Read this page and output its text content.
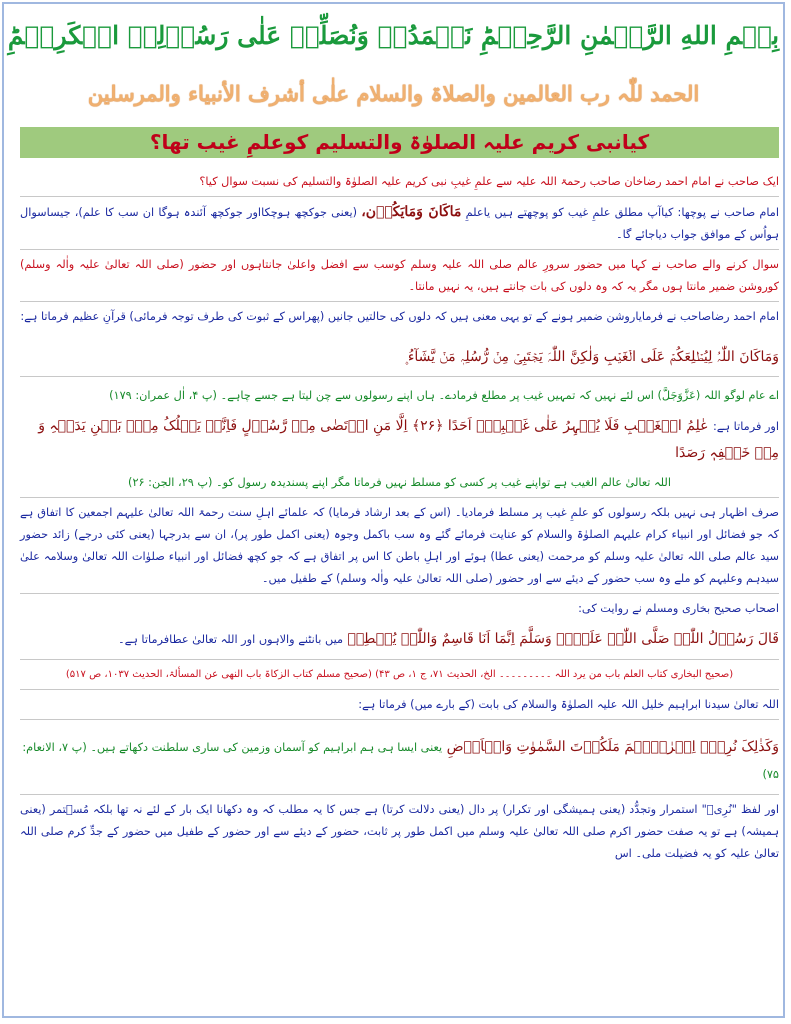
بِسۡمِ اللهِ الرَّحۡمٰنِ الرَّحِیۡمِؕ نَحۡمَدُہٗ وَنُصَلِّیۡ عَلٰی رَسُوۡلِہِ الۡکَرِیۡمِؕ
الحمد للّٰہ رب العالمین والصلاۃ والسلام علٰی أشرف الأنبیاء والمرسلین
کیانبی کریم علیہ الصلوٰۃ والتسلیم کوعلمِ غیب تھا؟

ایک صاحب نے امام احمد رضاخان صاحب رحمۃ اللہ علیہ سے علمِ غیبِ نبی کریم علیہ الصلوٰۃ والتسلیم کی نسبت سوال کیا؟

امام صاحب نے پوچھا: کیاآپ مطلق علمِ غیب کو پوچھتے ہیں یاعلمِ مَاکَانَ وَمَایَکُوۡن، (یعنی جوکچھ ہوچکااور جوکچھ آئندہ ہوگا ان سب کا علم)، جیساسوال ہواُس کے موافق جواب دیاجائے گا۔

سوال کرنے والے صاحب نے کہا میں حضور سرورِ عالم صلی اللہ علیہ وسلم کوسب سے افضل واعلیٰ جانتاہوں اور حضور (صلی اللہ تعالیٰ علیہ واٰلہ وسلم) کوروشن ضمیر مانتا ہوں مگر یہ کہ وہ دلوں کی بات جانتے ہیں، یہ نہیں مانتا۔

امام احمد رضاصاحب نے فرمایاروشن ضمیر ہونے کے تو یہی معنی ہیں کہ دلوں کی حالتیں جانیں (پھراس کے ثبوت کی طرف توجہ فرمائی) قرآنِ عظیم فرماتا ہے:

وَمَاکَانَ اللّٰہُ لِیُطۡلِعَکُمۡ عَلَی الۡغَیۡبِ وَلٰکِنَّ اللّٰہَ یَجۡتَبِیۡ مِنۡ رُّسُلِہٖ مَنۡ یَّشَآءُ ۪

اے عام لوگو اللہ (عَزَّوَجَلَّ) اس لئے نہیں کہ تمہیں غیب پر مطلع فرمادے۔ ہاں اپنے رسولوں سے چن لیتا ہے جسے چاہے۔ (پ ۴، اٰل عمران: ۱۷۹)

اور فرماتا ہے: عٰلِمُ الۡغَیۡبِ فَلَا یُظۡہِرُ عَلٰی غَیۡبِہٖۤ اَحَدًا ﴿۲۶﴾ اِلَّا مَنِ ارۡتَضٰی مِنۡ رَّسُوۡلٍ فَاِنَّہٗ یَسۡلُکُ مِنۡۢ بَیۡنِ یَدَیۡہِ وَ مِنۡ خَلۡفِہٖ رَصَدًا

اللہ تعالیٰ عالم الغیب ہے تواپنے غیب پر کسی کو مسلط نہیں فرماتا مگر اپنے پسندیدہ رسول کو۔ (پ ۲۹، الجن: ۲۶)

صرف اظہار ہی نہیں بلکہ رسولوں کو علمِ غیب پر مسلط فرمادیا۔ (اس کے بعد ارشاد فرمایا) کہ علمائے اہلِ سنت رحمۃ اللہ تعالیٰ علیہم اجمعین کا اتفاق ہے کہ جو فضائل اور انبیاء کرام علیہم الصلوٰۃ والسلام کو عنایت فرمائے گئے وہ سب باکمل وجوہ (یعنی اکمل طور پر)، ان سے بدرجہا (یعنی کئی درجے) زائد حضور سید عالم صلی اللہ تعالیٰ علیہ وسلم کو مرحمت (یعنی عطا) ہوئے اور اہلِ باطن کا اس پر اتفاق ہے کہ جو کچھ فضائل اور انبیاء صلوٰات اللہ تعالیٰ وسلامہ علیٰ سیدہم وعلیہم کو ملے وہ سب حضور کے دیئے سے اور حضور (صلی اللہ تعالیٰ علیہ واٰلہ وسلم) کے طفیل میں۔

اصحاب صحیح بخاری ومسلم نے روایت کی:

قَالَ رَسُوۡلُ اللّٰہِ صَلَّی اللّٰہُ عَلَیۡہِ وَسَلَّمَ اِنَّمَا اَنَا قَاسِمٌ وَاللّٰہُ یُعۡطِیۡ میں بانٹنے والاہوں اور اللہ تعالیٰ عطافرماتا ہے۔

(صحیح البخاری کتاب العلم باب من یرد اللہ ۔۔۔۔۔۔۔۔۔ الخ، الحدیث ۷۱، ج ۱، ص ۴۳) (صحیح مسلم کتاب الزکاۃ باب النھی عن المسألۃ، الحدیث ۱۰۳۷، ص ۵۱۷)

اللہ تعالیٰ سیدنا ابراہیم خلیل اللہ علیہ الصلوٰۃ والسلام کی بابت (کے بارے میں) فرماتا ہے:

وَکَذٰلِکَ نُرِیۡۤ اِبۡرٰہِیۡمَ مَلَکُوۡتَ السَّمٰوٰتِ وَالۡاَرۡضِ یعنی ایسا ہی ہم ابراہیم کو آسمان وزمین کی ساری سلطنت دکھاتے ہیں۔ (پ ۷، الانعام: ۷۵)

اور لفظ "نُرِیۡ" استمرار وتجدُّد (یعنی ہمیشگی اور تکرار) پر دال (یعنی دلالت کرتا) ہے جس کا یہ مطلب کہ وہ دکھانا ایک بار کے لئے نہ تھا بلکہ مُسۡتمر (یعنی ہمیشہ) ہے تو یہ صفت حضور اکرم صلی اللہ تعالیٰ علیہ وسلم میں اکمل طور پر ثابت، حضور کے دیئے سے اور حضور کے طفیل میں حضور کے جدِّ کرم صلی اللہ تعالیٰ علیہ کو یہ فضیلت ملی۔ اس
